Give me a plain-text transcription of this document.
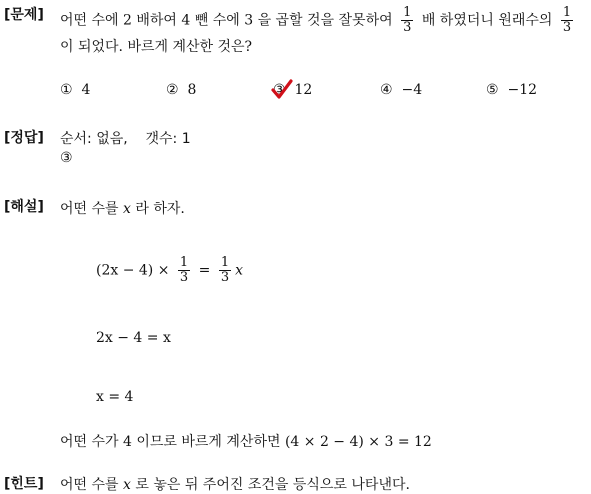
[문제] 어떤 수에 2 배하여 4 뺀 수에 3 을 곱할 것을 잘못하여 $\frac{1}{3}$ 배 하였더니 원래수의 $\frac{1}{3}$
이 되었다. 바르게 계산한 것은?
① 4	② 8	③ 12	④ −4	⑤ −12
[정답] 순서: 없음,    갯수: 1
③
[해설] 어떤 수를 x 라 하자.
$(2x - 4) \times \frac{1}{3} = \frac{1}{3}$ x
2x − 4 = x
x = 4
어떤 수가 4 이므로 바르게 계산하면 (4 × 2 − 4) × 3 = 12
[힌트] 어떤 수를 x 로 놓은 뒤 주어진 조건을 등식으로 나타낸다.
